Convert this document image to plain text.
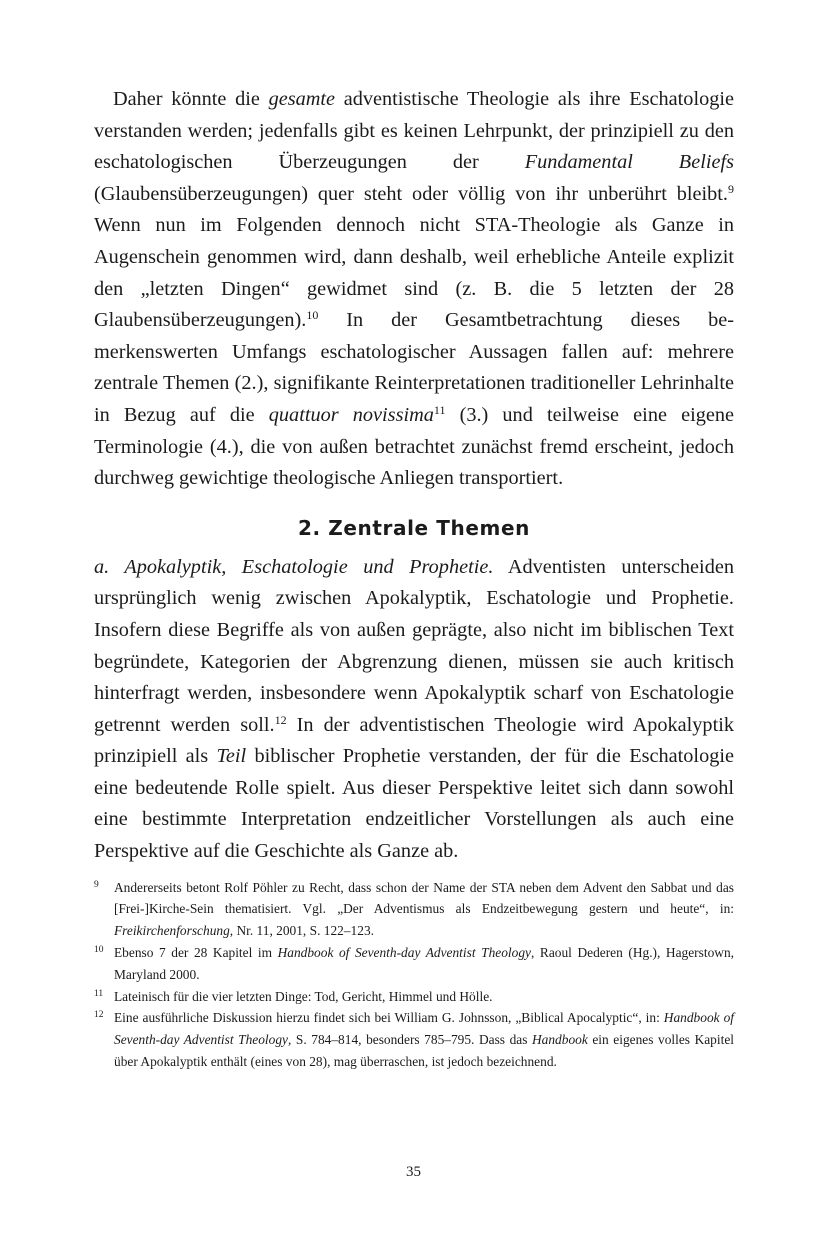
Daher könnte die gesamte adventistische Theologie als ihre Eschatologie verstanden werden; jedenfalls gibt es keinen Lehrpunkt, der prinzipiell zu den eschatologischen Überzeugungen der Fundamental Beliefs (Glaubensüberzeugungen) quer steht oder völlig von ihr unberührt bleibt.$^9$ Wenn nun im Folgenden dennoch nicht STA-Theologie als Ganze in Augenschein genommen wird, dann deshalb, weil erhebliche Anteile explizit den „letzten Dingen“ gewidmet sind (z. B. die 5 letzten der 28 Glaubensüberzeugungen).$^{10}$ In der Gesamtbetrachtung dieses bemerkenswerten Umfangs eschatologischer Aussagen fallen auf: mehrere zentrale Themen (2.), signifikante Reinterpretationen traditioneller Lehrinhalte in Bezug auf die quattuor novissima$^{11}$ (3.) und teilweise eine eigene Terminologie (4.), die von außen betrachtet zunächst fremd erscheint, jedoch durchweg gewichtige theologische Anliegen transportiert.

2. Zentrale Themen

a. Apokalyptik, Eschatologie und Prophetie. Adventisten unterscheiden ursprünglich wenig zwischen Apokalyptik, Eschatologie und Prophetie. Insofern diese Begriffe als von außen geprägte, also nicht im biblischen Text begründete, Kategorien der Abgrenzung dienen, müssen sie auch kritisch hinterfragt werden, insbesondere wenn Apokalyptik scharf von Eschatologie getrennt werden soll.$^{12}$ In der adventistischen Theologie wird Apokalyptik prinzipiell als Teil biblischer Prophetie verstanden, der für die Eschatologie eine bedeutende Rolle spielt. Aus dieser Perspektive leitet sich dann sowohl eine bestimmte Interpretation endzeitlicher Vorstellungen als auch eine Perspektive auf die Geschichte als Ganze ab.

9	Andererseits betont Rolf Pöhler zu Recht, dass schon der Name der STA neben dem Advent den Sabbat und das [Frei-]Kirche-Sein thematisiert. Vgl. „Der Adventismus als Endzeitbewegung gestern und heute“, in: Freikirchenforschung, Nr. 11, 2001, S. 122–123.
10 Ebenso 7 der 28 Kapitel im Handbook of Seventh-day Adventist Theology, Raoul Dederen (Hg.), Hagerstown, Maryland 2000.
11 Lateinisch für die vier letzten Dinge: Tod, Gericht, Himmel und Hölle.
12 Eine ausführliche Diskussion hierzu findet sich bei William G. Johnsson, „Biblical Apocalyptic“, in: Handbook of Seventh-day Adventist Theology, S. 784–814, besonders 785–795. Dass das Handbook ein eigenes volles Kapitel über Apokalyptik enthält (eines von 28), mag überraschen, ist jedoch bezeichnend.
35
